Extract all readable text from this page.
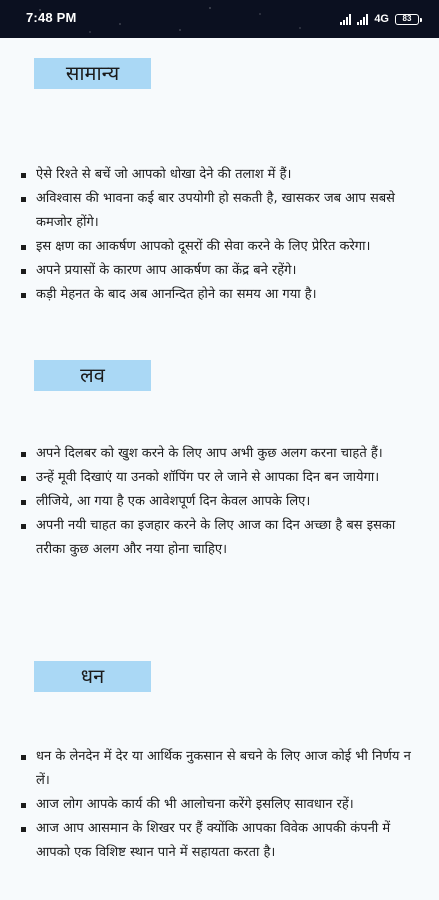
7:48 PM	4G 83
सामान्य
ऐसे रिश्ते से बचें जो आपको धोखा देने की तलाश में हैं।
अविश्वास की भावना कई बार उपयोगी हो सकती है, खासकर जब आप सबसे कमजोर होंगे।
इस क्षण का आकर्षण आपको दूसरों की सेवा करने के लिए प्रेरित करेगा।
अपने प्रयासों के कारण आप आकर्षण का केंद्र बने रहेंगे।
कड़ी मेहनत के बाद अब आनन्दित होने का समय आ गया है।
लव
अपने दिलबर को खुश करने के लिए आप अभी कुछ अलग करना चाहते हैं।
उन्हें मूवी दिखाएं या उनको शॉपिंग पर ले जाने से आपका दिन बन जायेगा।
लीजिये, आ गया है एक आवेशपूर्ण दिन केवल आपके लिए।
अपनी नयी चाहत का इजहार करने के लिए आज का दिन अच्छा है बस इसका तरीका कुछ अलग और नया होना चाहिए।
धन
धन के लेनदेन में देर या आर्थिक नुकसान से बचने के लिए आज कोई भी निर्णय न लें।
आज लोग आपके कार्य की भी आलोचना करेंगे इसलिए सावधान रहें।
आज आप आसमान के शिखर पर हैं क्योंकि आपका विवेक आपकी कंपनी में आपको एक विशिष्ट स्थान पाने में सहायता करता है।
